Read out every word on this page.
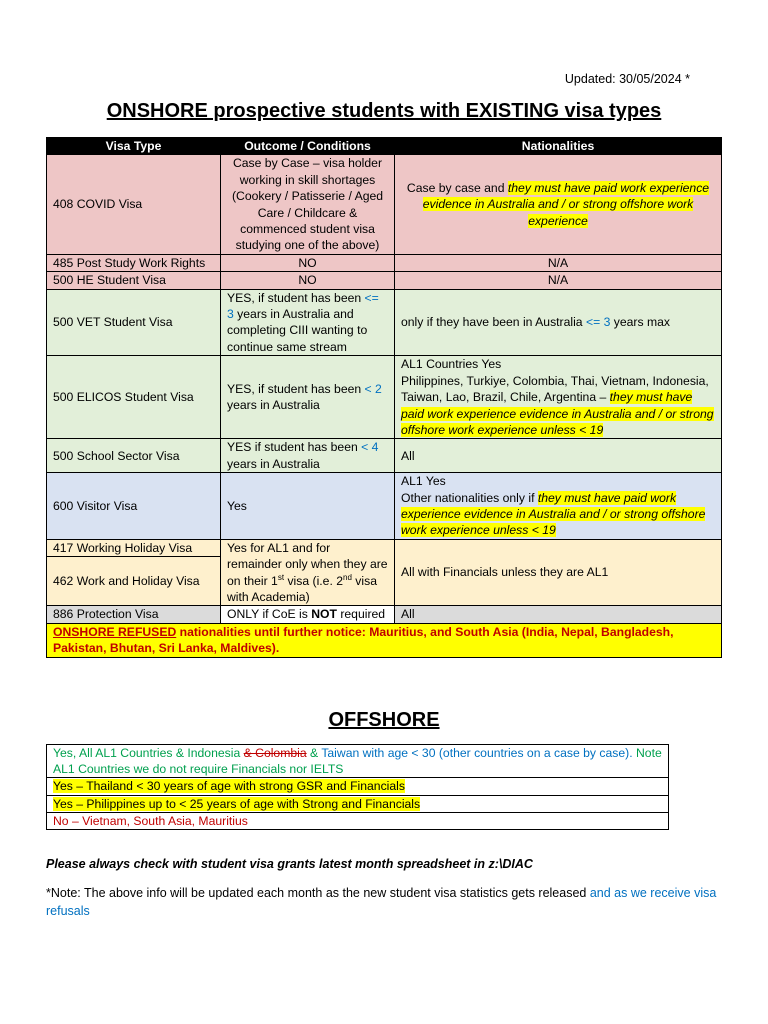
Updated: 30/05/2024 *
ONSHORE prospective students with EXISTING visa types
Visa Type	Outcome / Conditions	Nationalities
408 COVID Visa	Case by Case – visa holder working in skill shortages (Cookery / Patisserie / Aged Care / Childcare & commenced student visa studying one of the above)	Case by case and they must have paid work experience evidence in Australia and / or strong offshore work experience
485 Post Study Work Rights	NO	N/A
500 HE Student Visa	NO	N/A
500 VET Student Visa	YES, if student has been <= 3 years in Australia and completing CIII wanting to continue same stream	only if they have been in Australia <= 3 years max
500 ELICOS Student Visa	YES, if student has been < 2 years in Australia	AL1 Countries Yes
Philippines, Turkiye, Colombia, Thai, Vietnam, Indonesia, Taiwan, Lao, Brazil, Chile, Argentina – they must have paid work experience evidence in Australia and / or strong offshore work experience unless < 19
500 School Sector Visa	YES if student has been < 4 years in Australia	All
600 Visitor Visa	Yes	AL1 Yes
Other nationalities only if they must have paid work experience evidence in Australia and / or strong offshore work experience unless < 19
417 Working Holiday Visa	Yes for AL1 and for remainder only when they are on their 1st visa (i.e. 2nd visa with Academia)	All with Financials unless they are AL1
462 Work and Holiday Visa		
886 Protection Visa	ONLY if CoE is NOT required	All
ONSHORE REFUSED nationalities until further notice: Mauritius, and South Asia (India, Nepal, Bangladesh, Pakistan, Bhutan, Sri Lanka, Maldives).		
OFFSHORE
Yes, All AL1 Countries & Indonesia & Colombia & Taiwan with age < 30 (other countries on a case by case). Note AL1 Countries we do not require Financials nor IELTS
Yes – Thailand < 30 years of age with strong GSR and Financials
Yes – Philippines up to < 25 years of age with Strong and Financials
No – Vietnam, South Asia, Mauritius
Please always check with student visa grants latest month spreadsheet in z:\DIAC
*Note: The above info will be updated each month as the new student visa statistics gets released and as we receive visa refusals
